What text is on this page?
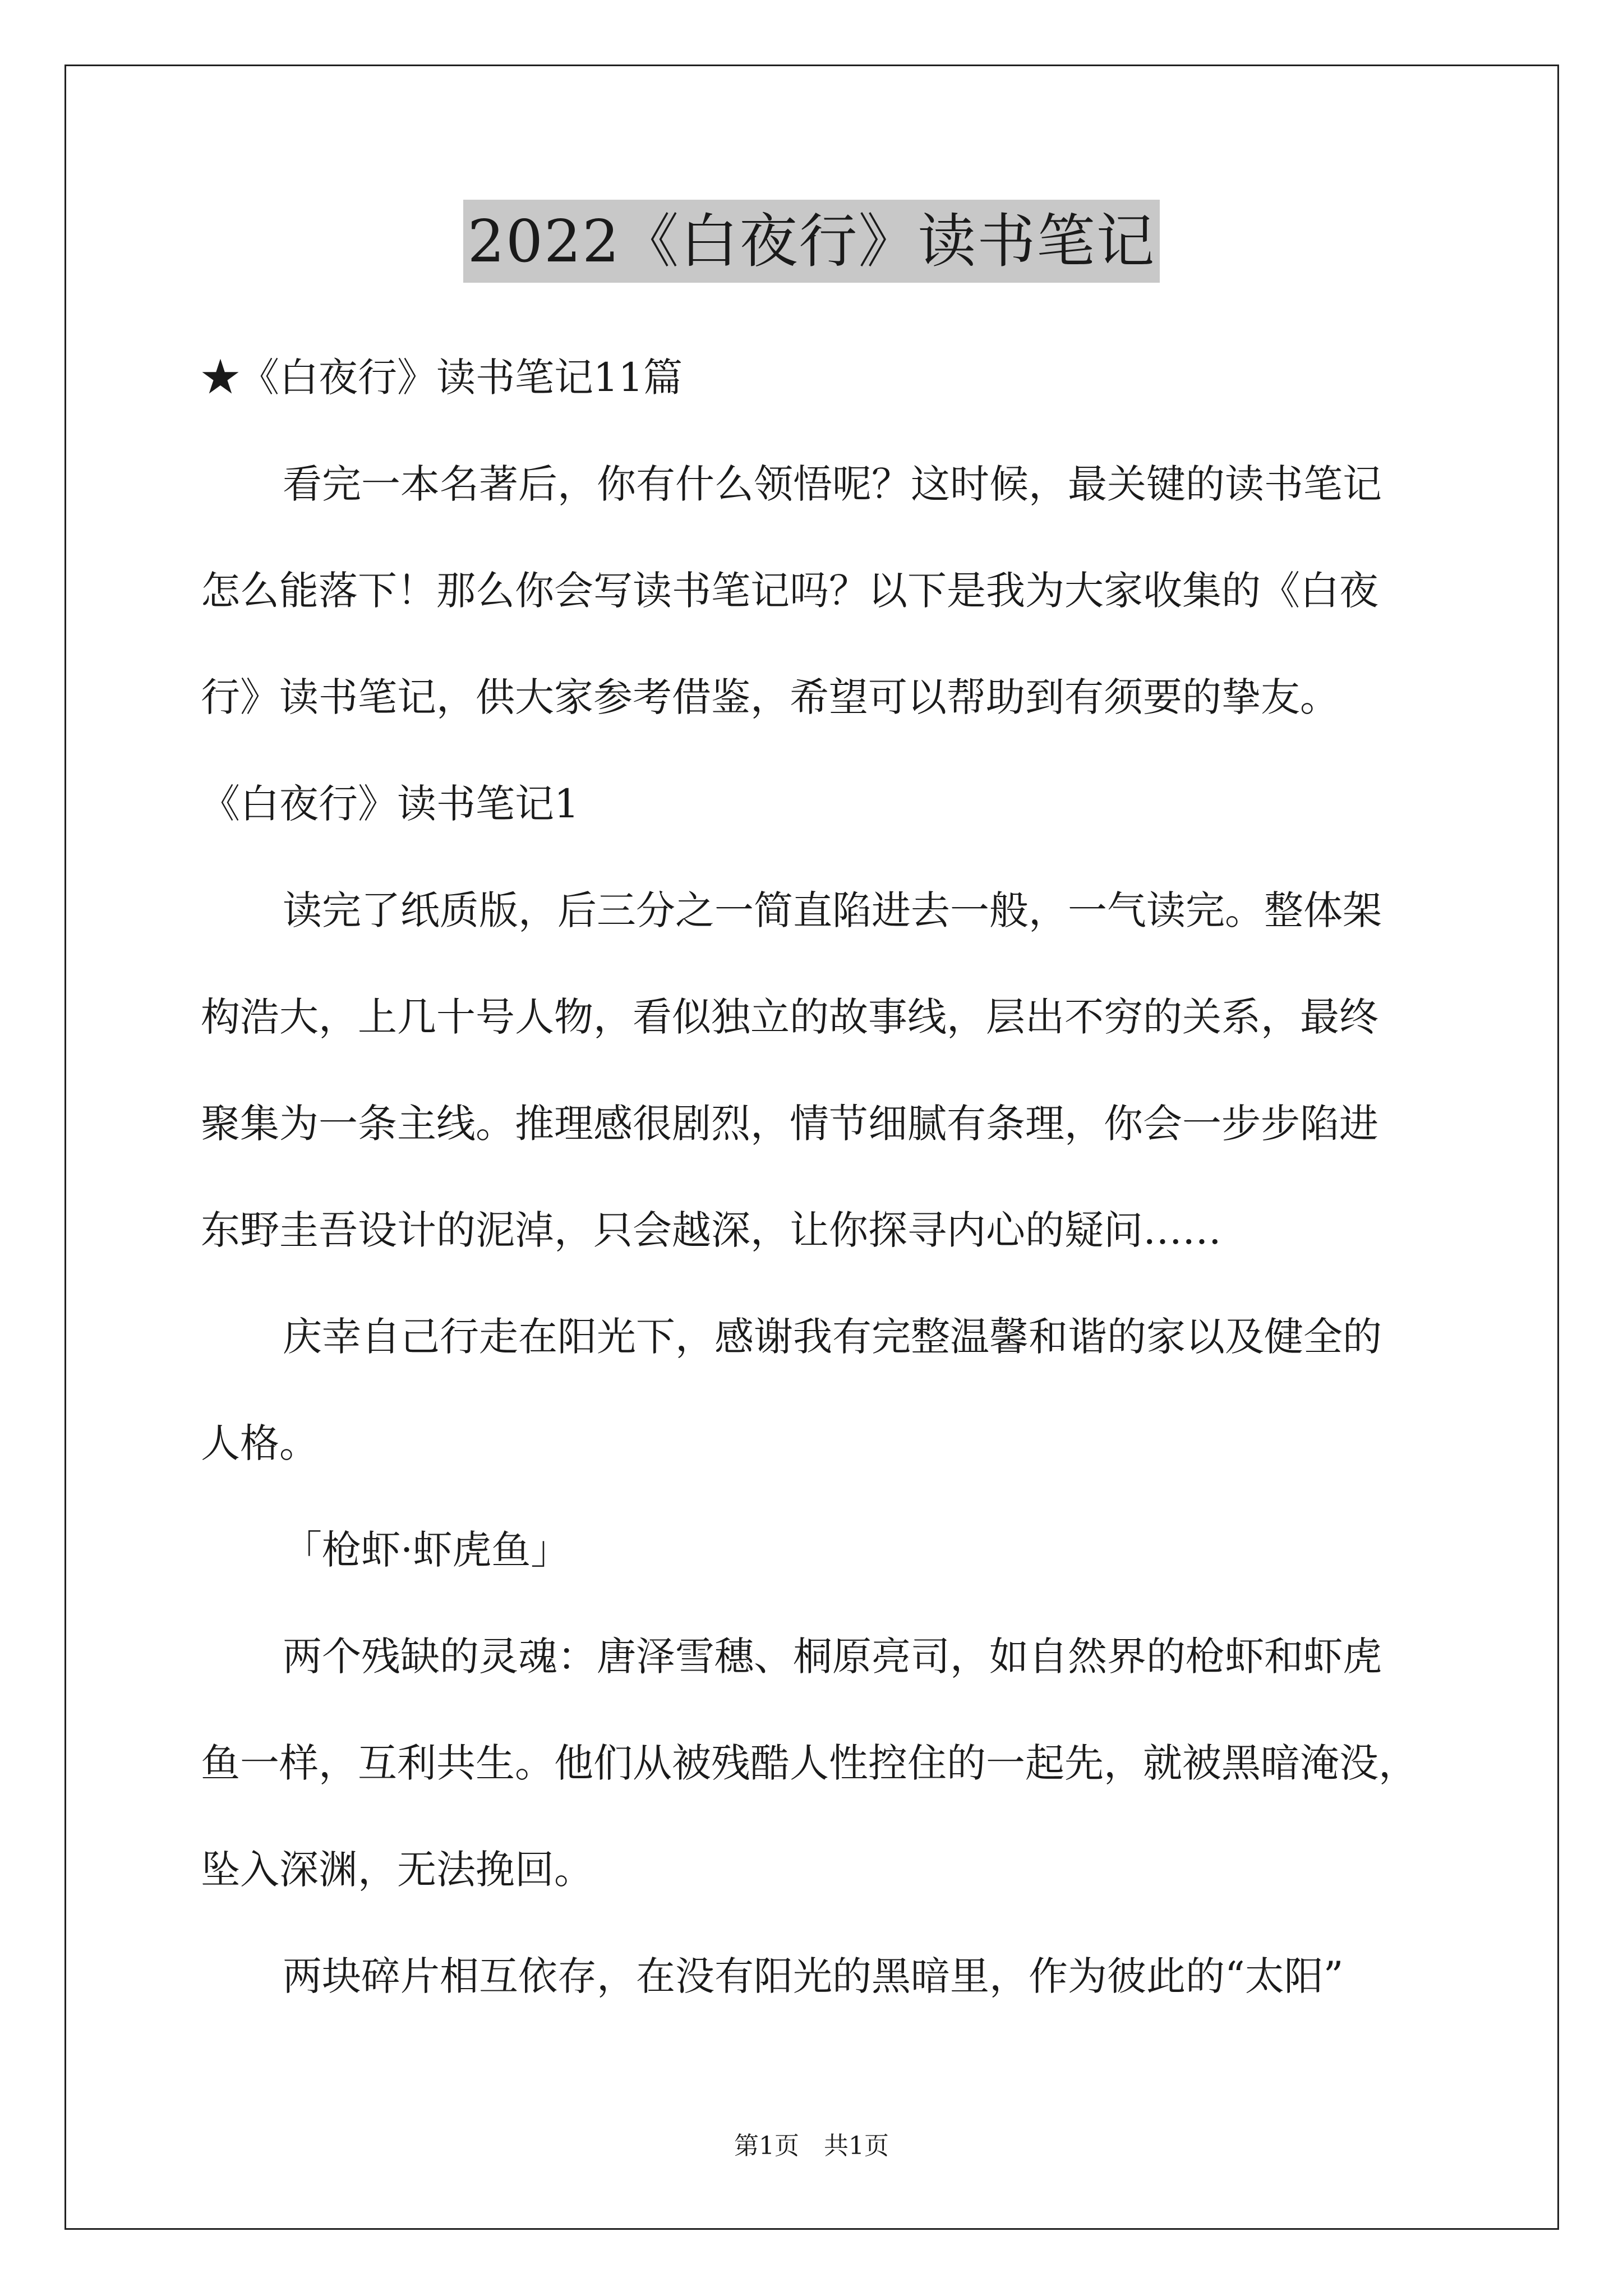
2022《白夜行》读书笔记
★《白夜行》读书笔记11篇
看完一本名著后，你有什么领悟呢？这时候，最关键的读书笔记
怎么能落下！那么你会写读书笔记吗？以下是我为大家收集的《白夜
行》读书笔记，供大家参考借鉴，希望可以帮助到有须要的挚友。
《白夜行》读书笔记1
读完了纸质版，后三分之一简直陷进去一般，一气读完。整体架
构浩大，上几十号人物，看似独立的故事线，层出不穷的关系，最终
聚集为一条主线。推理感很剧烈，情节细腻有条理，你会一步步陷进
东野圭吾设计的泥淖，只会越深，让你探寻内心的疑问……
庆幸自己行走在阳光下，感谢我有完整温馨和谐的家以及健全的
人格。
「枪虾·虾虎鱼」
两个残缺的灵魂：唐泽雪穗、桐原亮司，如自然界的枪虾和虾虎
鱼一样，互利共生。他们从被残酷人性控住的一起先，就被黑暗淹没，
坠入深渊，无法挽回。
两块碎片相互依存，在没有阳光的黑暗里，作为彼此的“太阳”
第1页　共1页
